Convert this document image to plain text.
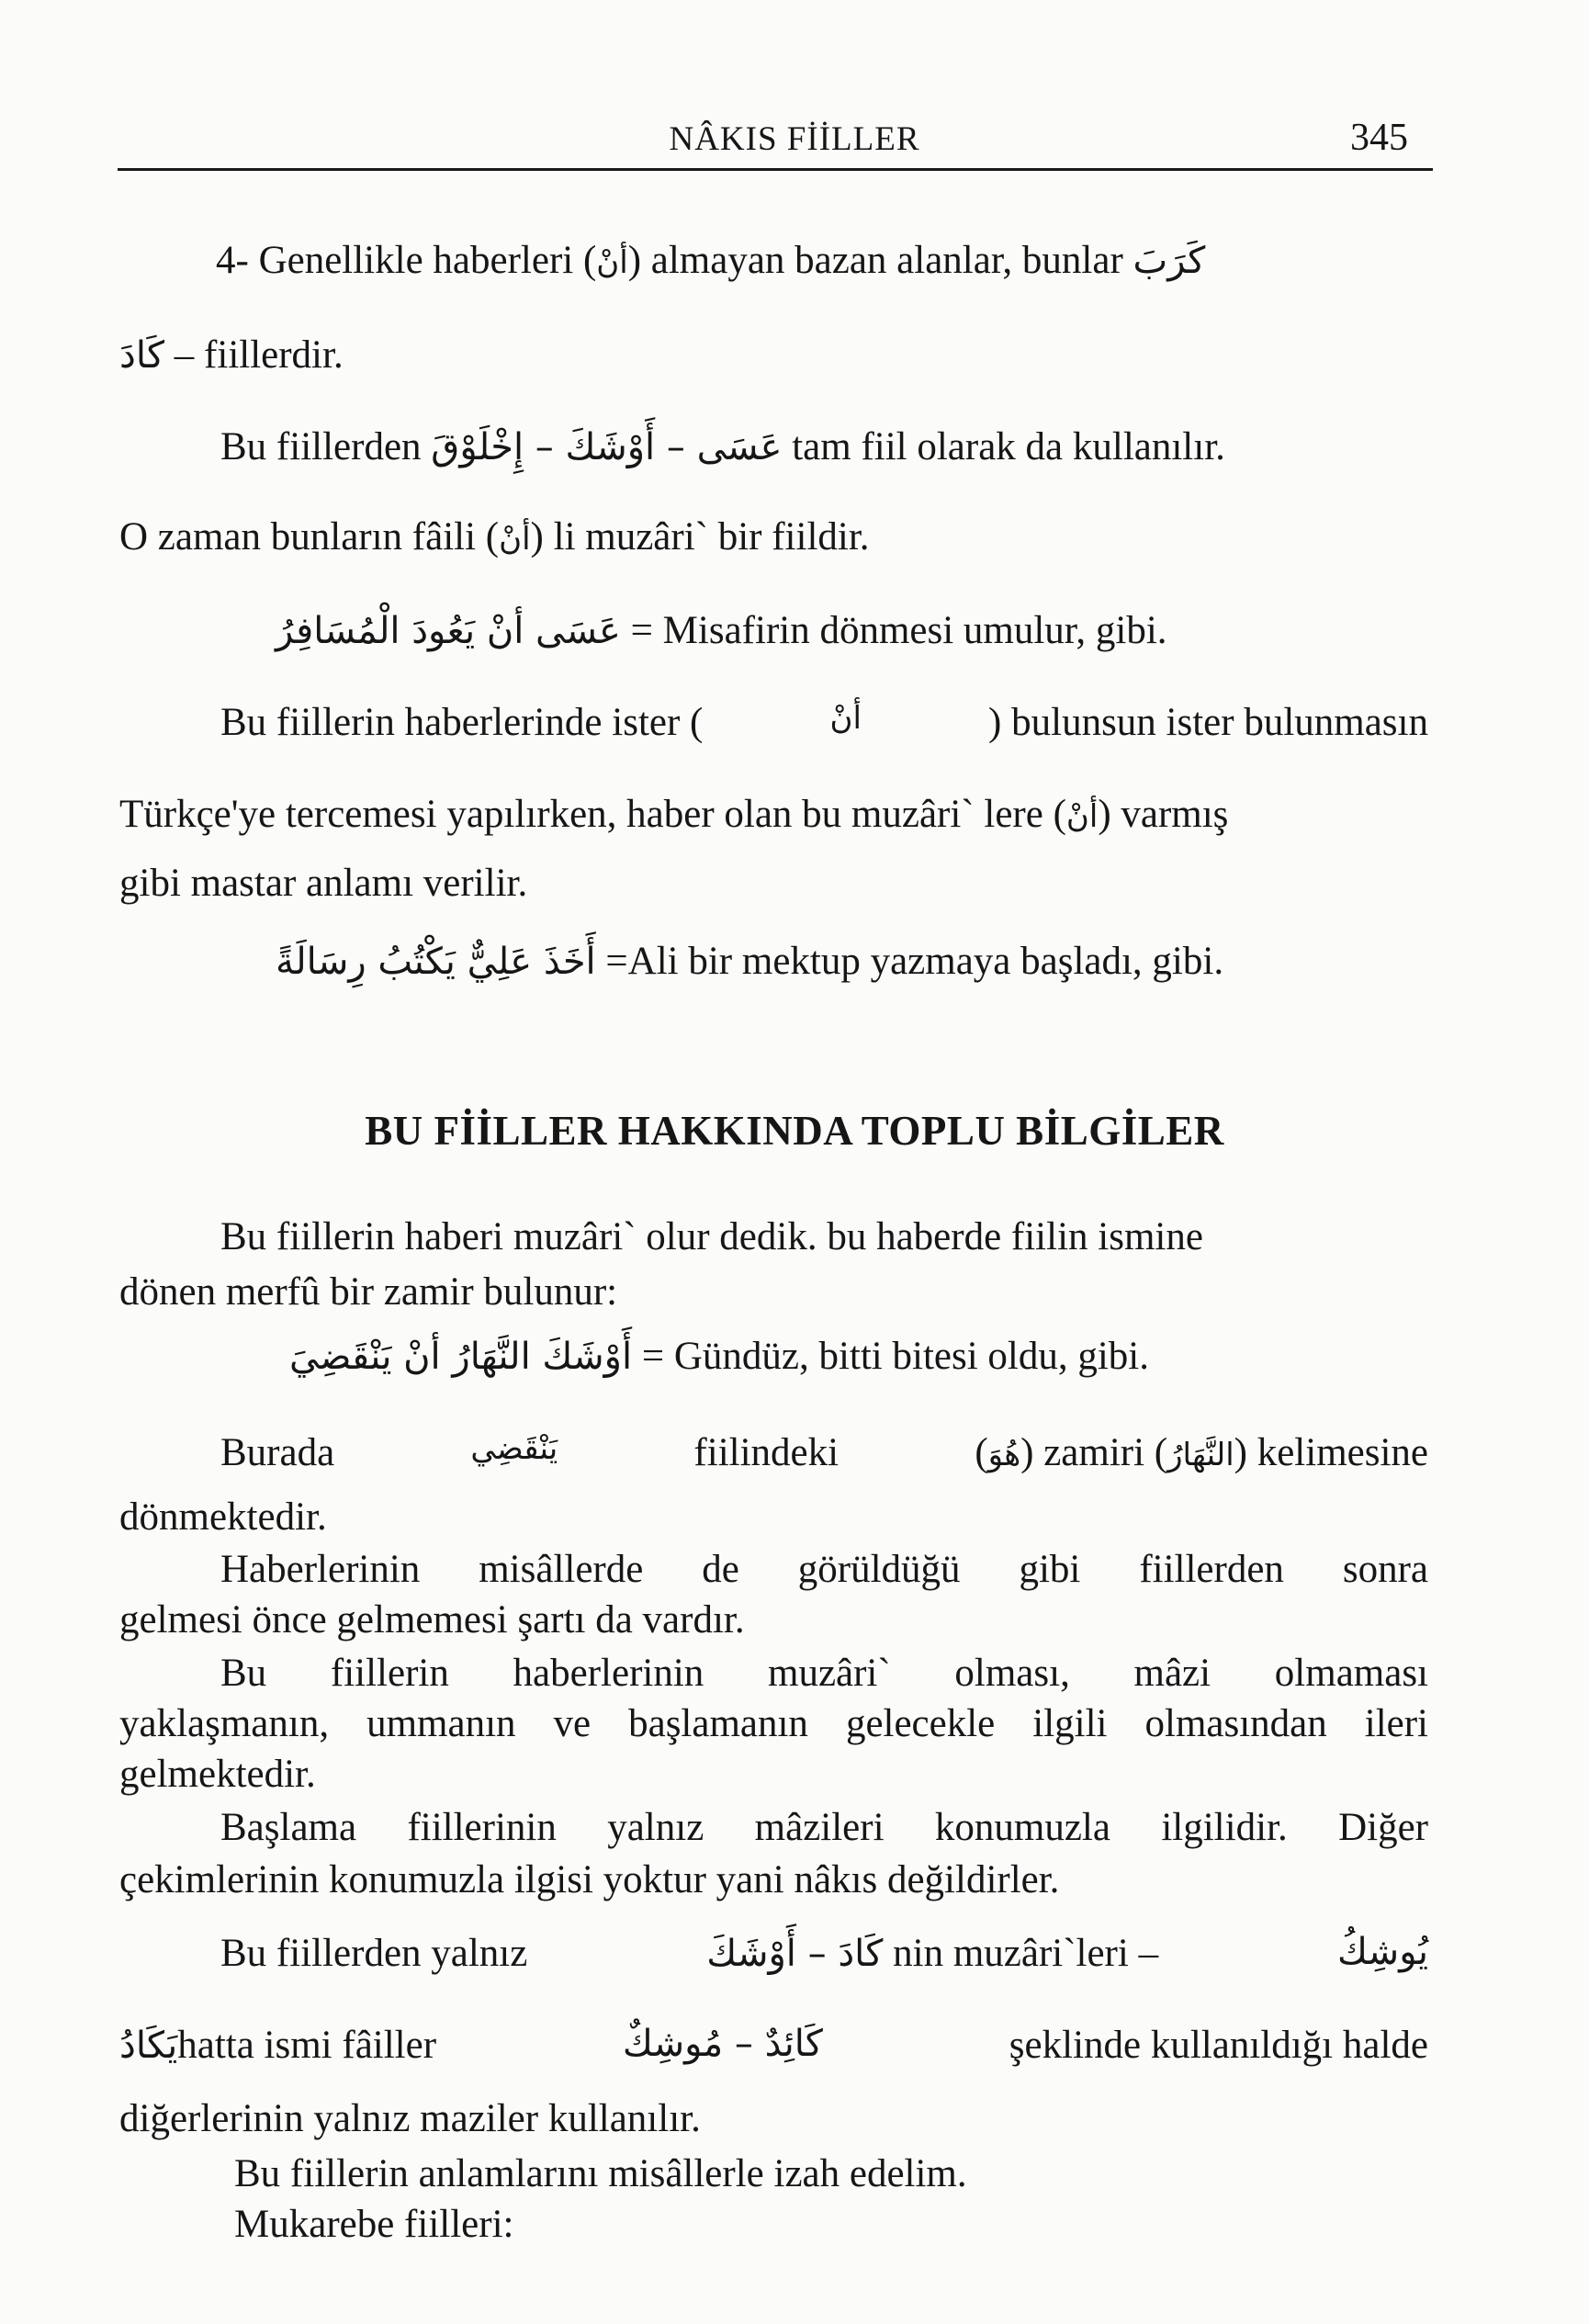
NÂKIS FİİLLER	345
4- Genellikle haberleri (أنْ) almayan bazan alanlar, bunlar كَرَبَ
كَادَ – fiillerdir.
Bu fiillerden عَسَى – أَوْشَكَ – إِخْلَوْقَ tam fiil olarak da kullanılır.
O zaman bunların fâili (أنْ) li muzâri` bir fiildir.
عَسَى أنْ يَعُودَ الْمُسَافِرُ = Misafirin dönmesi umulur, gibi.
Bu fiillerin haberlerinde ister (	أنْ	) bulunsun ister bulunmasın
Türkçe'ye tercemesi yapılırken, haber olan bu muzâri` lere (أنْ) varmış
gibi mastar anlamı verilir.
أَخَذَ عَلِيٌّ يَكْتُبُ رِسَالَةً =Ali bir mektup yazmaya başladı, gibi.
BU FİİLLER HAKKINDA TOPLU BİLGİLER
Bu fiillerin haberi muzâri` olur dedik. bu haberde fiilin ismine
dönen merfû bir zamir bulunur:
أَوْشَكَ النَّهَارُ أنْ يَنْقَضِيَ = Gündüz, bitti bitesi oldu, gibi.
Burada	يَنْقَضِي	fiilindeki	(هُوَ) zamiri (النَّهَارُ) kelimesine
dönmektedir.
Haberlerinin misâllerde de görüldüğü gibi fiillerden sonra
gelmesi önce gelmemesi şartı da vardır.
Bu fiillerin haberlerinin muzâri` olması, mâzi olmaması
yaklaşmanın, ummanın ve başlamanın gelecekle ilgili olmasından ileri
gelmektedir.
Başlama fiillerinin yalnız mâzileri konumuzla ilgilidir. Diğer
çekimlerinin konumuzla ilgisi yoktur yani nâkıs değildirler.
Bu fiillerden yalnız	كَادَ – أَوْشَكَ nin muzâri`leri –	يُوشِكُ
يَكَادُhatta ismi fâiller	كَائِدٌ – مُوشِكٌ	şeklinde kullanıldığı halde
diğerlerinin yalnız maziler kullanılır.
Bu fiillerin anlamlarını misâllerle izah edelim.
Mukarebe fiilleri:
